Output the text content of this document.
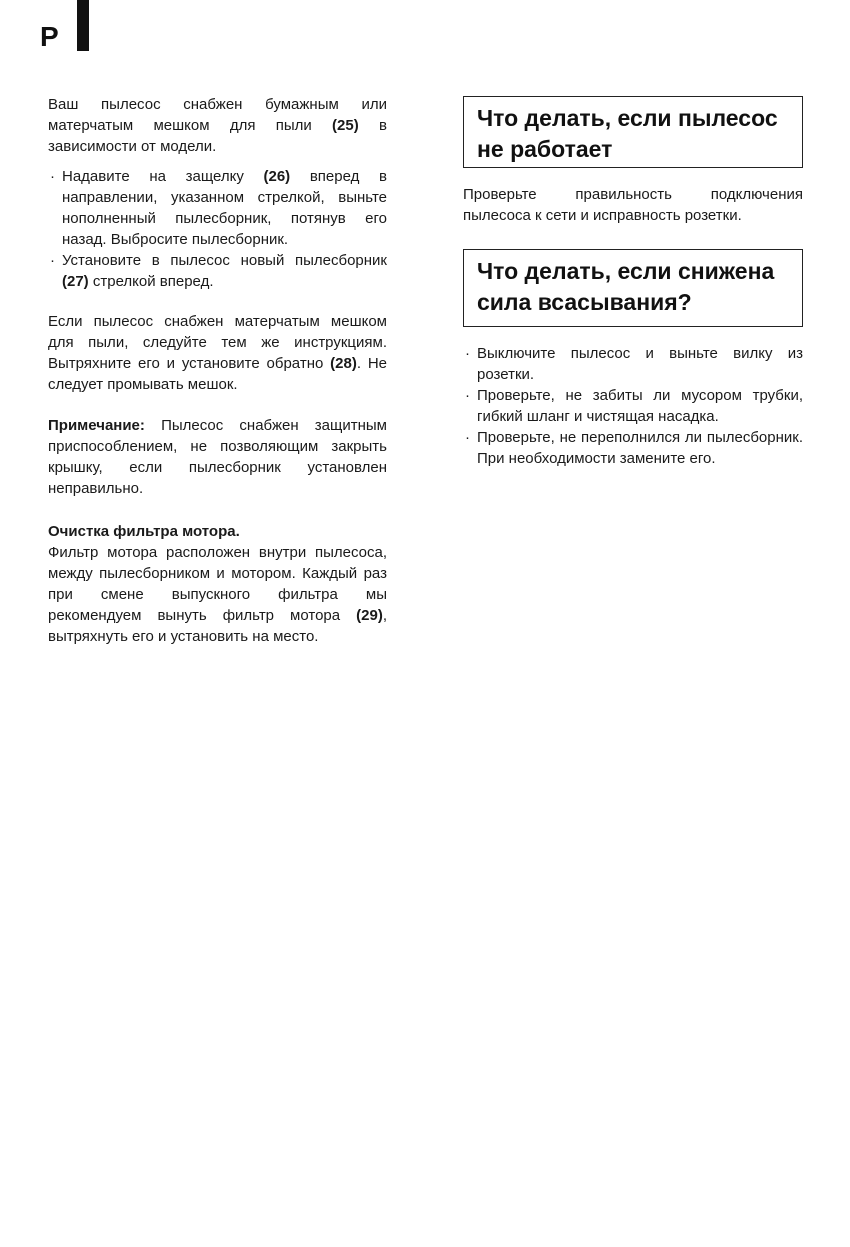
P

Ваш пылесос снабжен бумажным или матерчатым мешком для пыли (25) в зависимости от модели.

· Надавите на защелку (26) вперед в направлении, указанном стрелкой, выньте нополненный пылесборник, потянув его назад. Выбросите пылесборник.
· Установите в пылесос новый пылесборник (27) стрелкой вперед.

Если пылесос снабжен матерчатым мешком для пыли, следуйте тем же инструкциям. Вытряхните его и установите обратно (28). Не следует промывать мешок.

Примечание: Пылесос снабжен защитным приспособлением, не позволяющим закрыть крышку, если пылесборник установлен неправильно.

Очистка фильтра мотора.

Фильтр мотора расположен внутри пылесоса, между пылесборником и мотором. Каждый раз при смене выпускного фильтра мы рекомендуем вынуть фильтр мотора (29), вытряхнуть его и установить на место.

Что делать, если пылесос не работает

Проверьте правильность подключения пылесоса к сети и исправность розетки.

Что делать, если снижена сила всасывания?
· Выключите пылесос и выньте вилку из розетки.
· Проверьте, не забиты ли мусором трубки, гибкий шланг и чистящая насадка.
· Проверьте, не переполнился ли пылесборник. При необходимости замените его.
